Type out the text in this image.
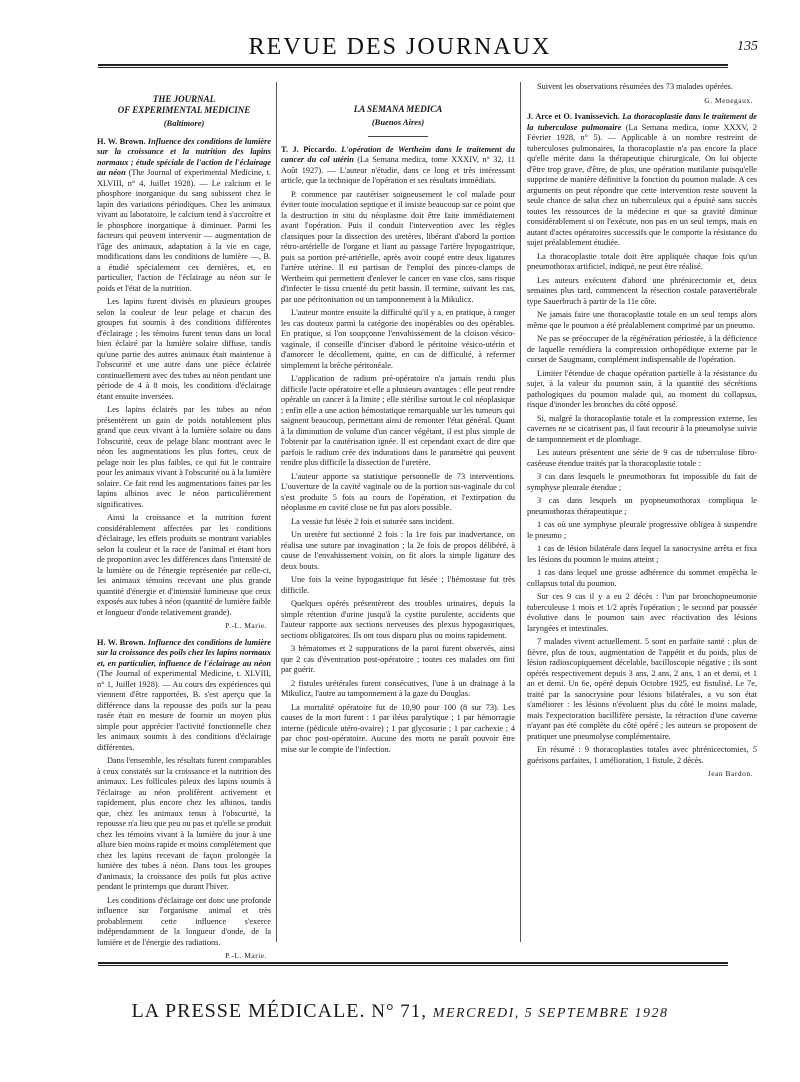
REVUE DES JOURNAUX	135
THE JOURNAL
OF EXPERIMENTAL MEDICINE
(Baltimore)

H. W. Brown. Influence des conditions de lumière sur la croissance et la nutrition des lapins normaux ; étude spéciale de l'action de l'éclairage au néon (The Journal of experimental Medicine, t. XLVIII, n° 4, Juillet 1928). — Le calcium et le phosphore inorganique du sang subissent chez le lapin des variations périodiques. Chez les animaux vivant au laboratoire, le calcium tend à s'accroître et le phosphore inorganique à diminuer. Parmi les facteurs qui peuvent intervenir — augmentation de l'âge des animaux, adaptation à la vie en cage, modifications dans les conditions de lumière —, B. a étudié spécialement ces dernières, et, en particulier, l'action de l'éclairage au néon sur le poids et l'état de la nutrition.

Les lapins furent divisés en plusieurs groupes selon la couleur de leur pelage et chacun des groupes fut soumis à des conditions différentes d'éclairage ; les témoins furent tenus dans un local bien éclairé par la lumière solaire diffuse, tandis qu'une partie des autres animaux était maintenue à l'obscurité et une autre dans une pièce éclairée continuellement avec des tubes au néon pendant une période de 4 à 8 mois, les conditions d'éclairage étant ensuite inversées.

Les lapins éclairés par les tubes au néon présentèrent un gain de poids notablement plus grand que ceux vivant à la lumière solaire ou dans l'obscurité, ceux de pelage blanc montrant avec le néon les augmentations les plus fortes, ceux de pelage noir les plus faibles, ce qui fut le contraire pour les animaux vivant à l'obscurité ou à la lumière solaire. Ce fait rend les augmentations faites par les lapins albinos avec le néon particulièrement significatives.

Ainsi la croissance et la nutrition furent considérablement affectées par les conditions d'éclairage, les effets produits se montrant variables selon la couleur et la race de l'animal et étant hors de proportion avec les différences dans l'intensité de la lumière ou de l'énergie représentée par celle-ci, les animaux témoins recevant une plus grande quantité d'énergie et d'intensité lumineuse que ceux exposés aux tubes à néon (quantité de lumière faible et longueur d'onde relativement grande).

P.-L. Marie.

H. W. Brown. Influence des conditions de lumière sur la croissance des poils chez les lapins normaux et, en particulier, influence de l'éclairage au néon (The Journal of experimental Medicine, t. XLVIII, n° 1, Juillet 1928). — Au cours des expériences qui viennent d'être rapportées, B. s'est aperçu que la différence dans la repousse des poils sur la peau rasée était en mesure de fournir un moyen plus simple pour apprécier l'activité fonctionnelle chez les animaux soumis à des conditions d'éclairage différentes.

Dans l'ensemble, les résultats furent comparables à ceux constatés sur la croissance et la nutrition des animaux. Les follicules pileux des lapins soumis à l'éclairage au néon prolifèrent activement et rapidement, plus encore chez les albinos, tandis que, chez les animaux tenus à l'obscurité, la repousse n'a lieu que peu ou pas et qu'elle se produit chez les témoins vivant à la lumière du jour à une allure bien moins rapide et moins complètement que chez les lapins recevant de façon prolongée la lumière des tubes à néon. Dans tous les groupes d'animaux, la croissance des poils fut plus active pendant le printemps que durant l'hiver.

Les conditions d'éclairage ont donc une profonde influence sur l'organisme animal et très probablement cette influence s'exerce indépendamment de la longueur d'onde, de la lumière et de l'énergie des radiations.

P.-L. Marie.
LA SEMANA MEDICA
(Buenos Aires)

T. J. Piccardo. L'opération de Wertheim dans le traitement du cancer du col utérin (La Semana medica, tome XXXIV, n° 32, 11 Août 1927). — L'auteur n'étudie, dans ce long et très intéressant article, que la technique de l'opération et ses résultats immédiats.

P. commence par cautériser soigneusement le col malade pour éviter toute inoculation septique et il insiste beaucoup sur ce point que la destruction in situ du néoplasme doit être faite immédiatement avant l'opération. Puis il conduit l'intervention avec les règles classiques pour la dissection des uretères, libérant d'abord la portion rétro-artérielle de l'organe et liant au passage l'artère hypogastrique, puis sa portion pré-artérielle, après avoir coupé entre deux ligatures l'artère utérine. Il est partisan de l'emploi des pinces-clamps de Wertheim qui permettent d'enlever le cancer en vase clos, sans risque d'infecter le tissu cruenté du petit bassin. Il termine, suivant les cas, par une péritonisation ou un tamponnement à la Mikulicz.

L'auteur montre ensuite la difficulté qu'il y a, en pratique, à ranger les cas douteux parmi la catégorie des inopérables ou des opérables. En pratique, si l'on soupçonne l'envahissement de la cloison vésico-vaginale, il conseille d'inciser d'abord le péritoine vésico-utérin et d'amorcer le décollement, quitte, en cas de difficulté, à refermer simplement la brèche péritonéale.

L'application de radium pré-opératoire n'a jamais rendu plus difficile l'acte opératoire et elle a plusieurs avantages : elle peut rendre opérable un cancer à la limite ; elle stérilise surtout le col néoplasique ; enfin elle a une action hémostatique remarquable sur les tumeurs qui saignent beaucoup, permettant ainsi de remonter l'état général. Quant à la diminution de volume d'un cancer végétant, il est plus simple de l'obtenir par la cautérisation ignée. Il est cependant exact de dire que parfois le radium crée des indurations dans le paramètre qui peuvent rendre plus difficile la dissection de l'uretère.

L'auteur apporte sa statistique personnelle de 73 interventions. L'ouverture de la cavité vaginale ou de la portion sus-vaginale du col s'est produite 5 fois au cours de l'opération, et l'extirpation du néoplasme en cavité close ne fut pas alors possible.

La vessie fut lésée 2 fois et suturée sans incident.

Un uretère fut sectionné 2 fois : la 1re fois par inadvertance, on réalisa une suture par invagination ; la 2e fois de propos délibéré, à cause de l'envahissement voisin, on fit alors la simple ligature des deux bouts.

Une fois la veine hypogastrique fut lésée ; l'hémostase fut très difficile.

Quelques opérés présentèrent des troubles urinaires, depuis la simple rétention d'urine jusqu'à la cystite purulente, accidents que l'auteur rapporte aux sections nerveuses des plexus hypogastriques, sections obligatoires. Ils ont tous disparu plus ou moins rapidement.

3 hématomes et 2 suppurations de la paroi furent observés, ainsi que 2 cas d'éventration post-opératoire ; toutes ces malades ont fini par guérir.

2 fistules urétérales furent consécutives, l'une à un drainage à la Mikulicz, l'autre au tamponnement à la gaze du Douglas.

La mortalité opératoire fut de 10,90 pour 100 (8 sur 73). Les causes de la mort furent : 1 par iléus paralytique ; 1 par hémorragie interne (pédicule utéro-ovaire) ; 1 par glycosurie ; 1 par cachexie ; 4 par choc post-opératoire. Aucune des morts ne paraît pouvoir être mise sur le compte de l'infection.

Suivent les observations résumées des 73 malades opérées.

G. Menegaux.

J. Arce et O. Ivanissevich. La thoracoplastie dans le traitement de la tuberculose pulmonaire (La Semana medica, tome XXXV, 2 Février 1928, n° 5). — Applicable à un nombre restreint de tuberculoses pulmonaires, la thoracoplastie n'a pas encore la place qu'elle mérite dans la thérapeutique chirurgicale. On lui objecte d'être trop grave, d'être, de plus, une opération mutilante puisqu'elle supprime de manière définitive la fonction du poumon malade. A ces arguments on peut répondre que cette intervention reste souvent la seule chance de salut chez un tuberculeux qui a épuisé sans succès toutes les ressources de la médecine et que sa gravité diminue considérablement si on l'exécute, non pas en un seul temps, mais en autant d'actes opératoires successifs que le comporte la résistance du sujet préalablement étudiée.

La thoracoplastie totale doit être appliquée chaque fois qu'un pneumothorax artificiel, indiqué, ne peut être réalisé.

Les auteurs exécutent d'abord une phrénicectomie et, deux semaines plus tard, commencent la résection costale paravertébrale type Sauerbruch à partir de la 11e côte.

Ne jamais faire une thoracoplastie totale en un seul temps alors même que le poumon a été préalablement comprimé par un pneumo.

Ne pas se préoccuper de la régénération périostée, à la déficience de laquelle remédiera la compression orthopédique externe par le corset de Saugmann, complément indispensable de l'opération.

Limiter l'étendue de chaque opération partielle à la résistance du sujet, à la valeur du poumon sain, à la quantité des sécrétions pathologiques du poumon malade qui, au moment du collapsus, risque d'inonder les bronches du côté opposé.

Si, malgré la thoracoplastie totale et la compression externe, les cavernes ne se cicatrisent pas, il faut recourir à la pneumolyse suivie de tamponnement et de plombage.

Les auteurs présentent une série de 9 cas de tuberculose fibro-caséeuse étendue traités par la thoracoplastie totale :

3 cas dans lesquels le pneumothorax fut impossible du fait de symphyse pleurale étendue ;

3 cas dans lesquels un pyopneumothorax compliqua le pneumothorax thérapeutique ;

1 cas où une symphyse pleurale progressive obligea à suspendre le pneumo ;

1 cas de lésion bilatérale dans lequel la sanocrysine arrêta et fixa les lésions du poumon le moins atteint ;

1 cas dans lequel une grosse adhérence du sommet empêcha le collapsus total du poumon.

Sur ces 9 cas il y a eu 2 décès : l'un par bronchopneumonie tuberculeuse 1 mois et 1/2 après l'opération ; le second par poussée évolutive dans le poumon sain avec réactivation des lésions laryngées et intestinales.

7 malades vivent actuellement. 5 sont en parfaite santé : plus de fièvre, plus de toux, augmentation de l'appétit et du poids, plus de lésion radioscopiquement décelable, bacilloscopie négative ; ils sont opérés respectivement depuis 3 ans, 2 ans, 2 ans, 1 an et demi, et 1 an et demi. Un 6e, opéré depuis Octobre 1925, est fistulisé. Le 7e, traité par la sanocrysine pour lésions bilatérales, a vu son état s'améliorer : les lésions n'évoluent plus du côté le moins malade, mais l'expectoration bacillifère persiste, la rétraction d'une caverne n'ayant pas été complète du côté opéré ; les auteurs se proposent de pratiquer une pneumolyse complémentaire.

En résumé : 9 thoracoplasties totales avec phrénicectomies, 5 guérisons parfaites, 1 amélioration, 1 fistule, 2 décès.

Jean Bardon.
LA PRESSE MÉDICALE. N° 71, MERCREDI, 5 SEPTEMBRE 1928
